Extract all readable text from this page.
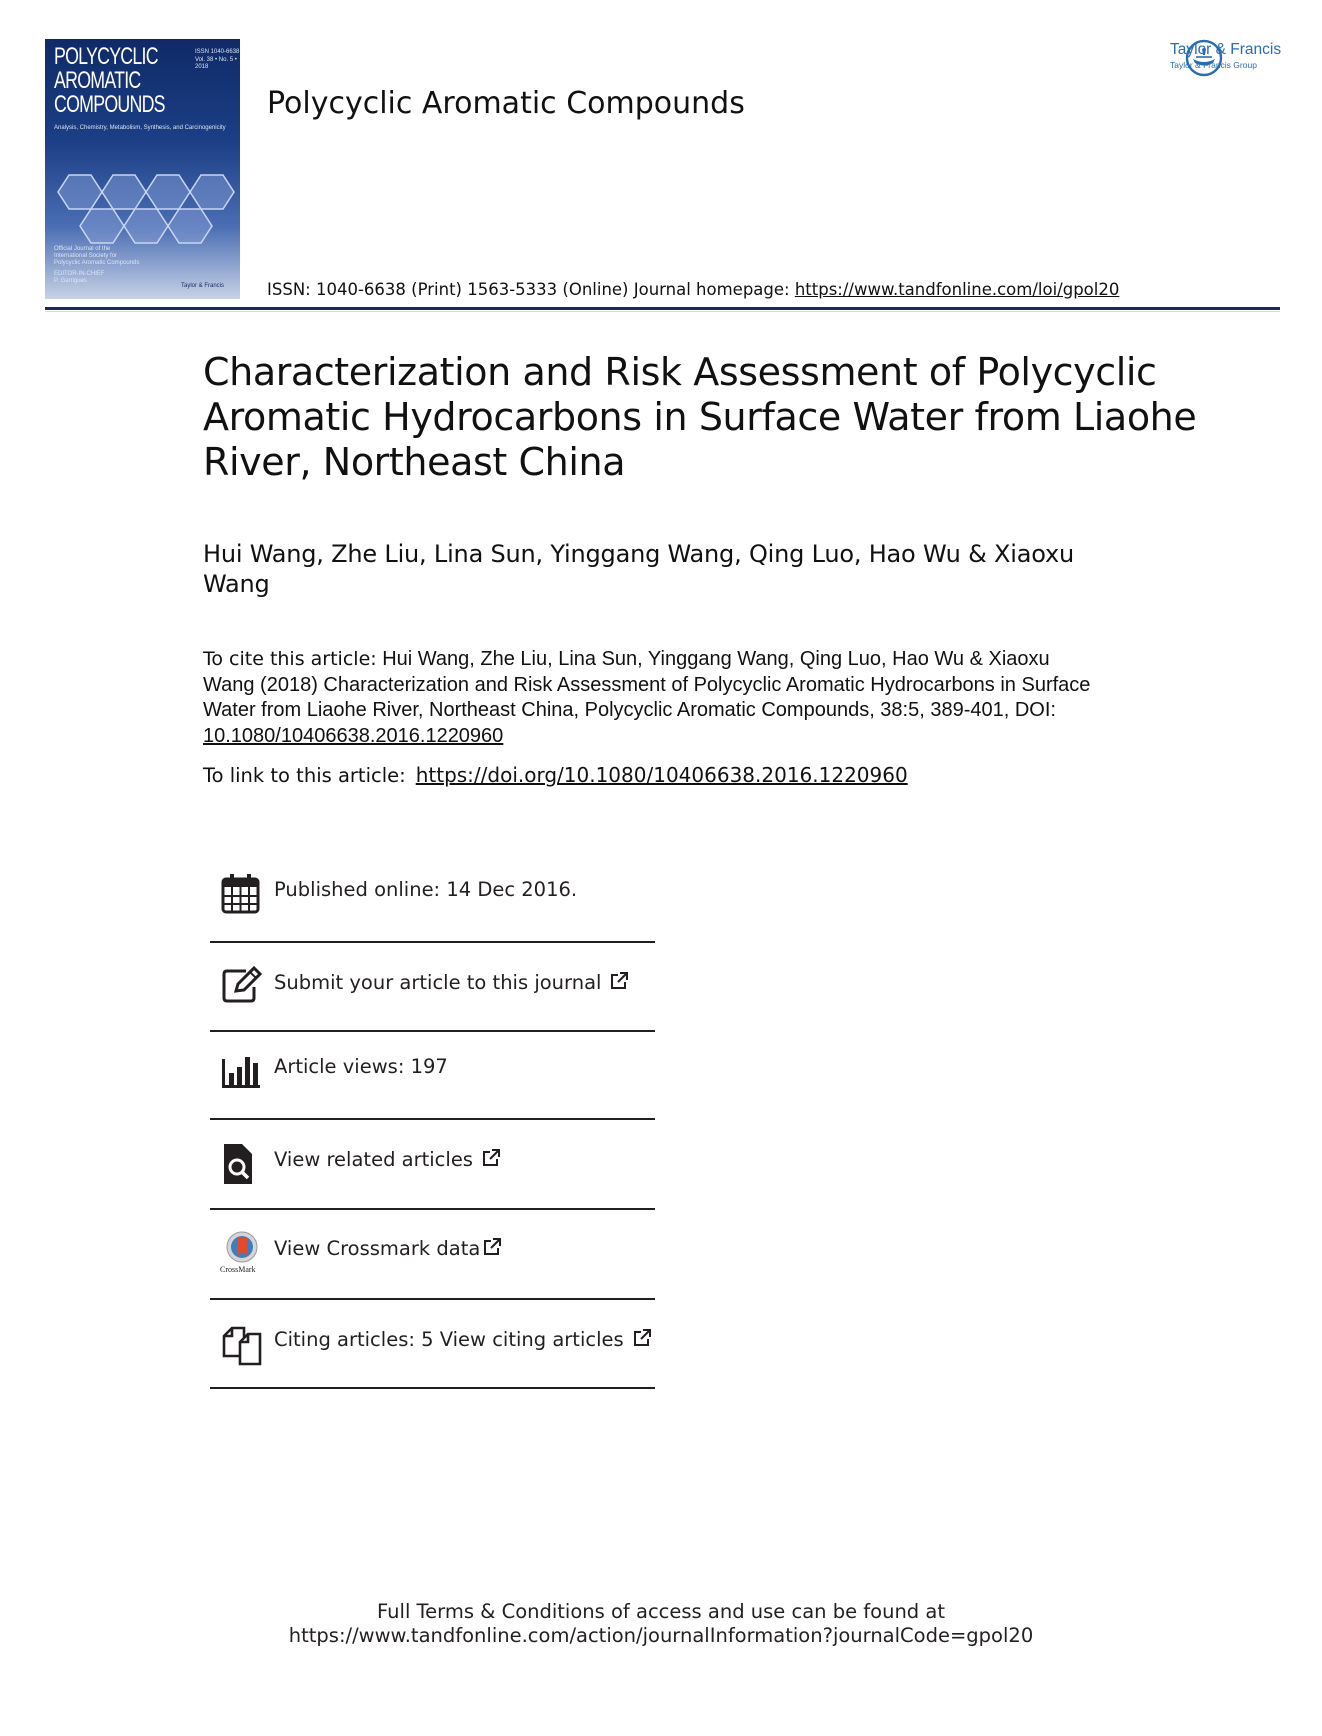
POLYCYCLIC
AROMATIC
COMPOUNDS
ISSN 1040-6638
Vol. 38 • No. 5 • 2018
Analysis, Chemistry, Metabolism, Synthesis, and Carcinogenicity
Official Journal of the International Society for Polycyclic Aromatic Compounds
EDITOR-IN-CHIEF
P. Garrigues
Taylor & Francis
Polycyclic Aromatic Compounds
ISSN: 1040-6638 (Print) 1563-5333 (Online) Journal homepage: https://www.tandfonline.com/loi/gpol20
Taylor & Francis
Taylor & Francis Group
Characterization and Risk Assessment of Polycyclic Aromatic Hydrocarbons in Surface Water from Liaohe River, Northeast China
Hui Wang, Zhe Liu, Lina Sun, Yinggang Wang, Qing Luo, Hao Wu & Xiaoxu Wang
To cite this article: Hui Wang, Zhe Liu, Lina Sun, Yinggang Wang, Qing Luo, Hao Wu & Xiaoxu Wang (2018) Characterization and Risk Assessment of Polycyclic Aromatic Hydrocarbons in Surface Water from Liaohe River, Northeast China, Polycyclic Aromatic Compounds, 38:5, 389-401, DOI: 10.1080/10406638.2016.1220960
To link to this article: https://doi.org/10.1080/10406638.2016.1220960
Published online: 14 Dec 2016.
Submit your article to this journal
Article views: 197
View related articles
CrossMark
View Crossmark data
Citing articles: 5 View citing articles
Full Terms & Conditions of access and use can be found at
https://www.tandfonline.com/action/journalInformation?journalCode=gpol20
